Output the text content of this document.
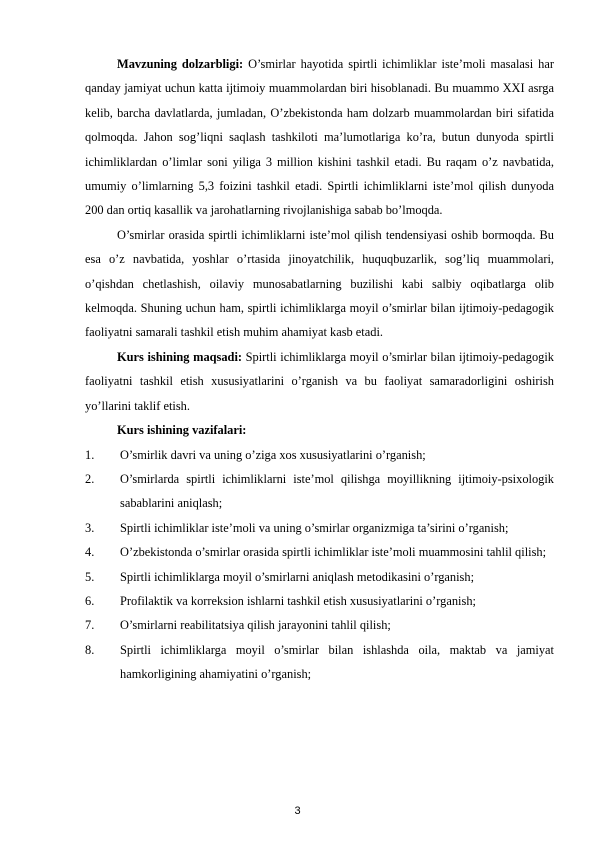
Mavzuning dolzarbligi: O’smirlar hayotida spirtli ichimliklar iste’moli masalasi har qanday jamiyat uchun katta ijtimoiy muammolardan biri hisoblanadi. Bu muammo XXI asrga kelib, barcha davlatlarda, jumladan, O’zbekistonda ham dolzarb muammolardan biri sifatida qolmoqda. Jahon sog’liqni saqlash tashkiloti ma’lumotlariga ko’ra, butun dunyoda spirtli ichimliklardan o’limlar soni yiliga 3 million kishini tashkil etadi. Bu raqam o’z navbatida, umumiy o’limlarning 5,3 foizini tashkil etadi. Spirtli ichimliklarni iste’mol qilish dunyoda 200 dan ortiq kasallik va jarohatlarning rivojlanishiga sabab bo’lmoqda.

O’smirlar orasida spirtli ichimliklarni iste’mol qilish tendensiyasi oshib bormoqda. Bu esa o’z navbatida, yoshlar o’rtasida jinoyatchilik, huquqbuzarlik, sog’liq muammolari, o’qishdan chetlashish, oilaviy munosabatlarning buzilishi kabi salbiy oqibatlarga olib kelmoqda. Shuning uchun ham, spirtli ichimliklarga moyil o’smirlar bilan ijtimoiy-pedagogik faoliyatni samarali tashkil etish muhim ahamiyat kasb etadi.

Kurs ishining maqsadi: Spirtli ichimliklarga moyil o’smirlar bilan ijtimoiy-pedagogik faoliyatni tashkil etish xususiyatlarini o’rganish va bu faoliyat samaradorligini oshirish yo’llarini taklif etish.

Kurs ishining vazifalari:

1. O’smirlik davri va uning o’ziga xos xususiyatlarini o’rganish;
2. O’smirlarda spirtli ichimliklarni iste’mol qilishga moyillikning ijtimoiy-psixologik sabablarini aniqlash;
3. Spirtli ichimliklar iste’moli va uning o’smirlar organizmiga ta’sirini o’rganish;
4. O’zbekistonda o’smirlar orasida spirtli ichimliklar iste’moli muammosini tahlil qilish;
5. Spirtli ichimliklarga moyil o’smirlarni aniqlash metodikasini o’rganish;
6. Profilaktik va korreksion ishlarni tashkil etish xususiyatlarini o’rganish;
7. O’smirlarni reabilitatsiya qilish jarayonini tahlil qilish;
8. Spirtli ichimliklarga moyil o’smirlar bilan ishlashda oila, maktab va jamiyat hamkorligining ahamiyatini o’rganish;
3
